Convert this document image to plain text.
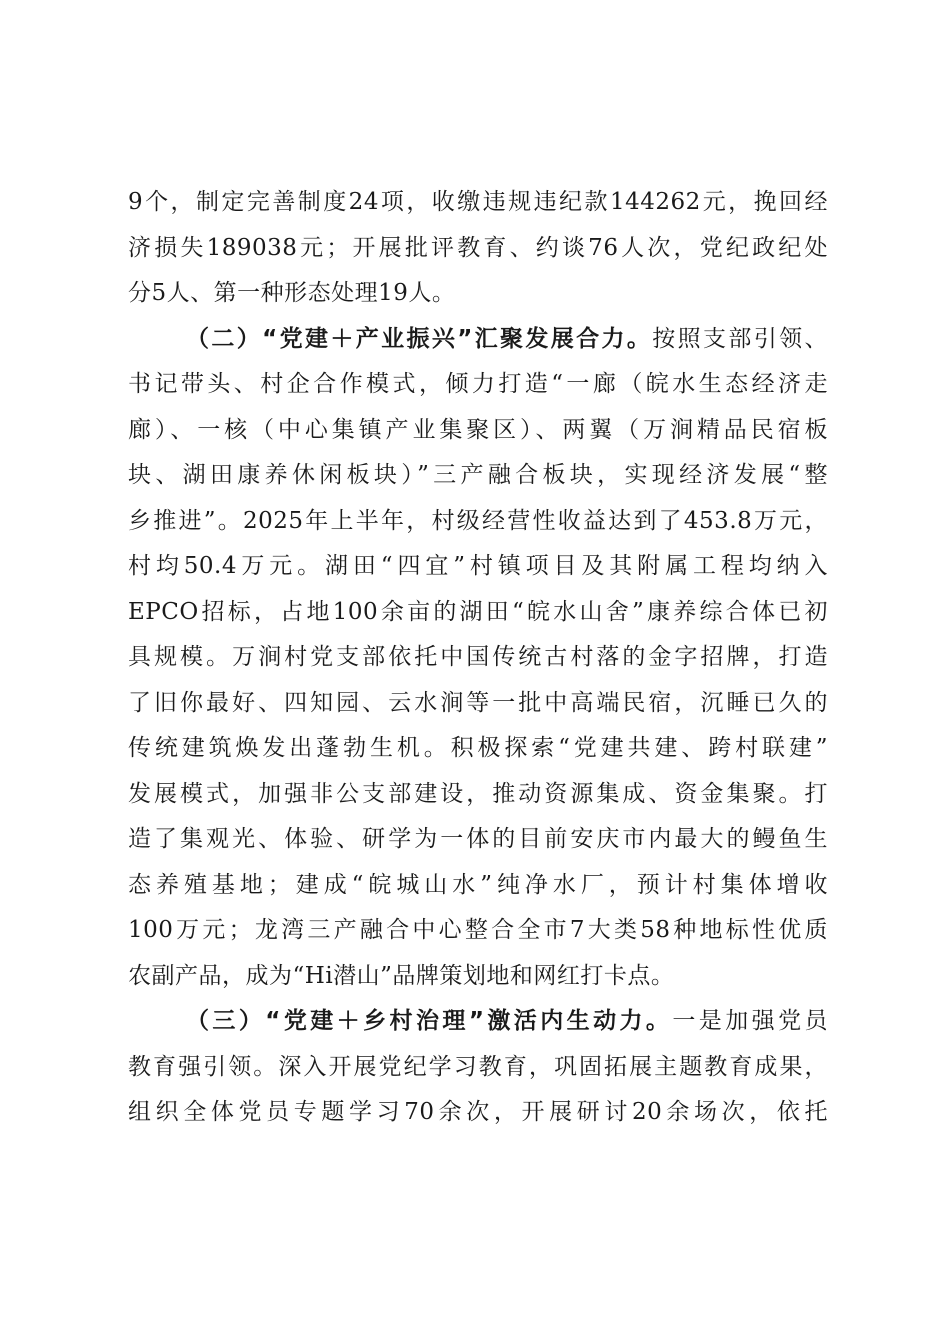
9个，制定完善制度24项，收缴违规违纪款144262元，挽回经
济损失189038元；开展批评教育、约谈76人次，党纪政纪处
分5人、第一种形态处理19人。
（二）“党建＋产业振兴”汇聚发展合力。按照支部引领、
书记带头、村企合作模式，倾力打造“一廊（皖水生态经济走
廊）、一核（中心集镇产业集聚区）、两翼（万涧精品民宿板
块、湖田康养休闲板块）”三产融合板块，实现经济发展“整
乡推进”。2025年上半年，村级经营性收益达到了453.8万元，
村均50.4万元。湖田“四宜”村镇项目及其附属工程均纳入
EPCO招标，占地100余亩的湖田“皖水山舍”康养综合体已初
具规模。万涧村党支部依托中国传统古村落的金字招牌，打造
了旧你最好、四知园、云水涧等一批中高端民宿，沉睡已久的
传统建筑焕发出蓬勃生机。积极探索“党建共建、跨村联建”
发展模式，加强非公支部建设，推动资源集成、资金集聚。打
造了集观光、体验、研学为一体的目前安庆市内最大的鳗鱼生
态养殖基地；建成“皖城山水”纯净水厂，预计村集体增收
100万元；龙湾三产融合中心整合全市7大类58种地标性优质
农副产品，成为“Hi潜山”品牌策划地和网红打卡点。
（三）“党建＋乡村治理”激活内生动力。一是加强党员
教育强引领。深入开展党纪学习教育，巩固拓展主题教育成果，
组织全体党员专题学习70余次，开展研讨20余场次，依托
